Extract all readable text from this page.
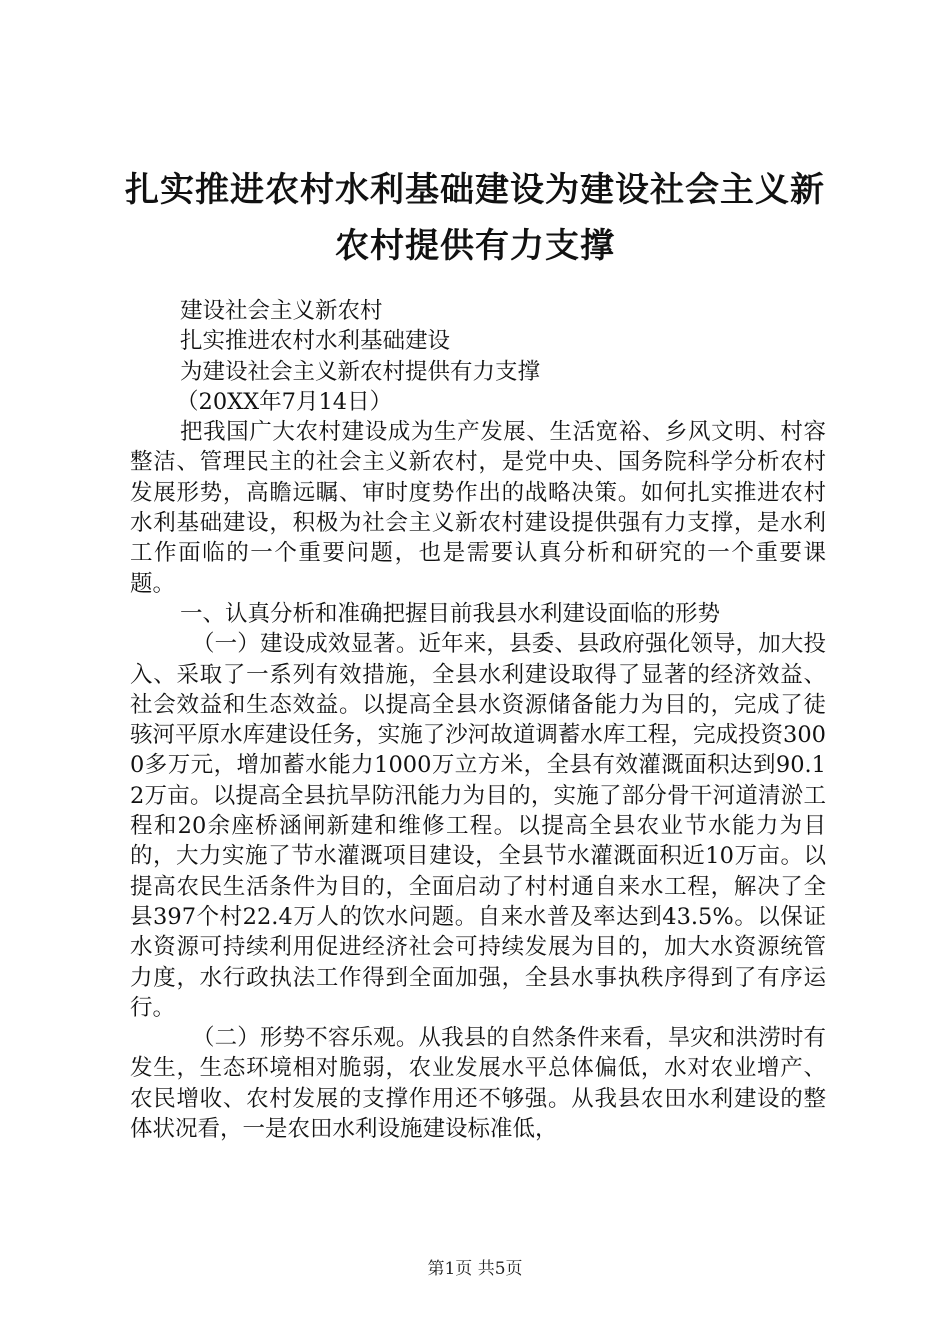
扎实推进农村水利基础建设为建设社会主义新
农村提供有力支撑

建设社会主义新农村

扎实推进农村水利基础建设

为建设社会主义新农村提供有力支撑

（20XX年7月14日）

把我国广大农村建设成为生产发展、生活宽裕、乡风文明、村容整洁、管理民主的社会主义新农村，是党中央、国务院科学分析农村发展形势，高瞻远瞩、审时度势作出的战略决策。如何扎实推进农村水利基础建设，积极为社会主义新农村建设提供强有力支撑，是水利工作面临的一个重要问题，也是需要认真分析和研究的一个重要课题。

一、认真分析和准确把握目前我县水利建设面临的形势

（一）建设成效显著。近年来，县委、县政府强化领导，加大投入、采取了一系列有效措施，全县水利建设取得了显著的经济效益、社会效益和生态效益。以提高全县水资源储备能力为目的，完成了徒骇河平原水库建设任务，实施了沙河故道调蓄水库工程，完成投资3000多万元，增加蓄水能力1000万立方米，全县有效灌溉面积达到90.12万亩。以提高全县抗旱防汛能力为目的，实施了部分骨干河道清淤工程和20余座桥涵闸新建和维修工程。以提高全县农业节水能力为目的，大力实施了节水灌溉项目建设，全县节水灌溉面积近10万亩。以提高农民生活条件为目的，全面启动了村村通自来水工程，解决了全县397个村22.4万人的饮水问题。自来水普及率达到43.5%。以保证水资源可持续利用促进经济社会可持续发展为目的，加大水资源统管力度，水行政执法工作得到全面加强，全县水事执秩序得到了有序运行。

（二）形势不容乐观。从我县的自然条件来看，旱灾和洪涝时有发生，生态环境相对脆弱，农业发展水平总体偏低，水对农业增产、农民增收、农村发展的支撑作用还不够强。从我县农田水利建设的整体状况看，一是农田水利设施建设标准低，

第1页 共5页
